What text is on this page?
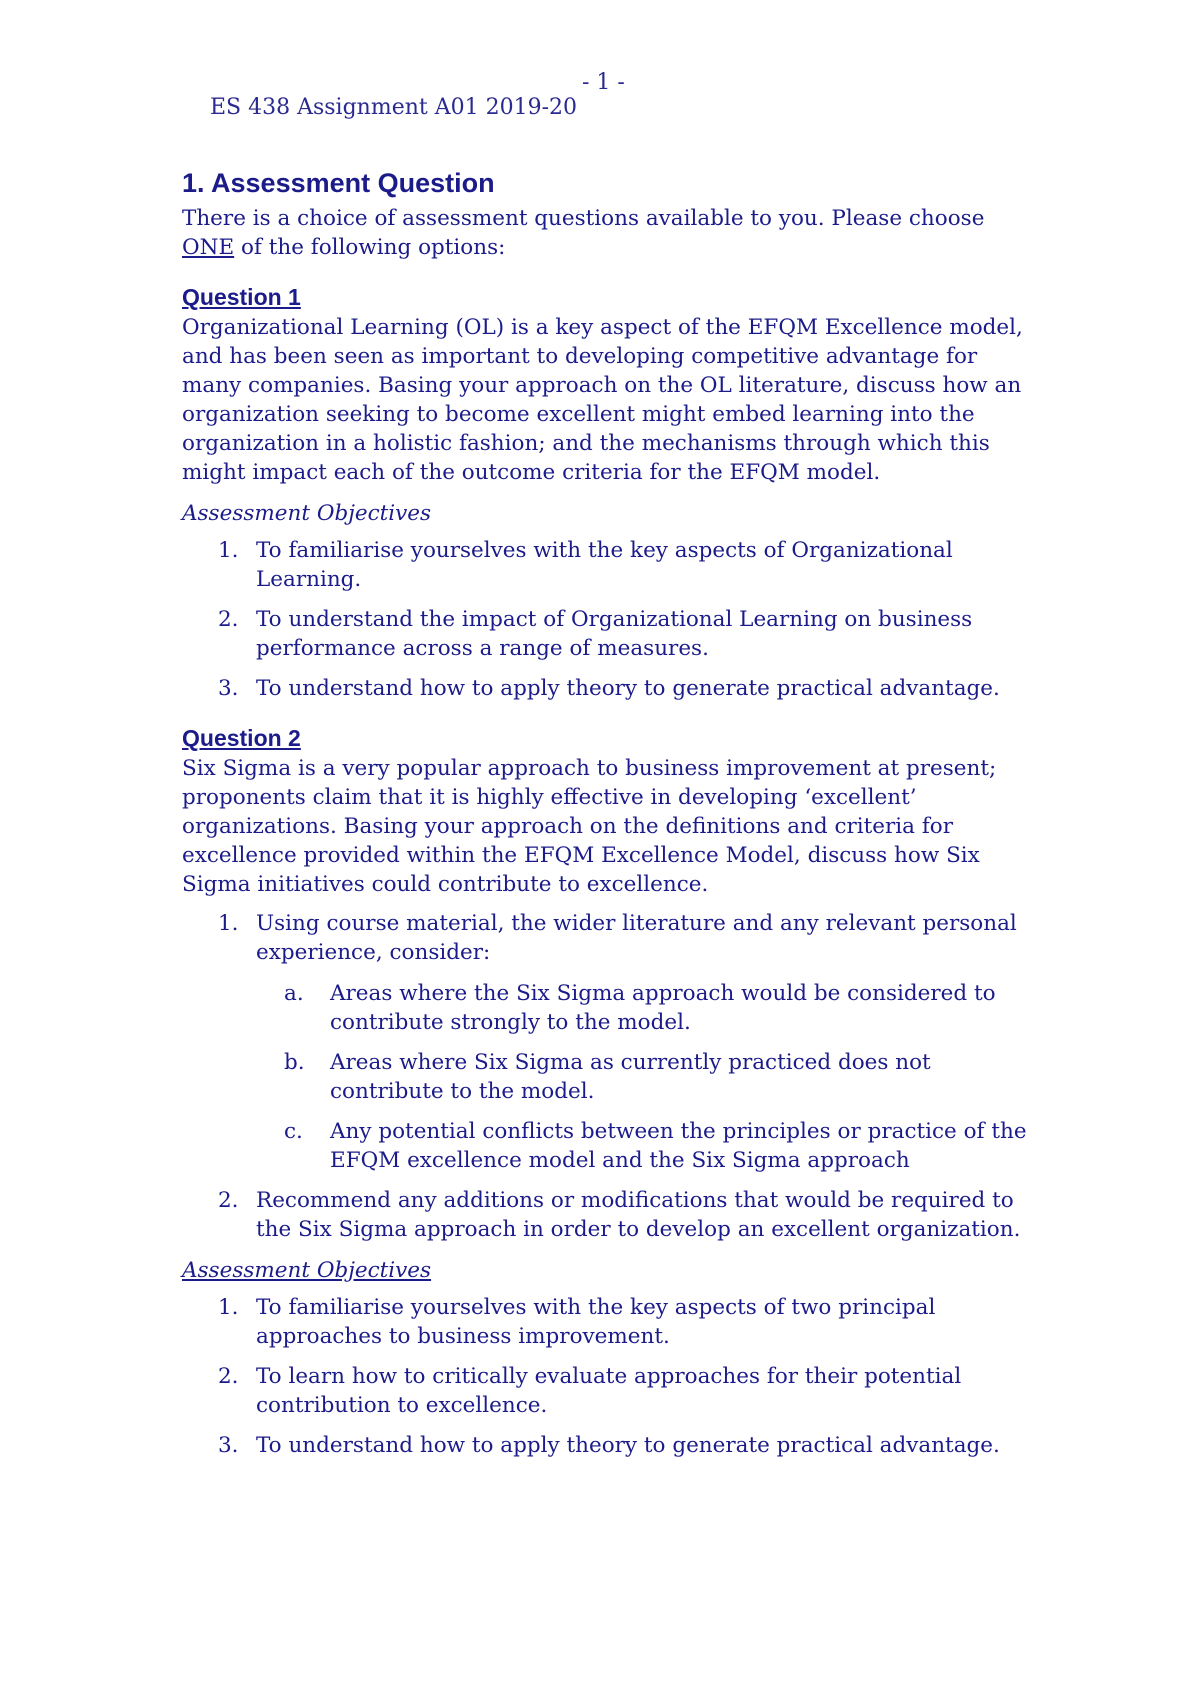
ES 438 Assignment A01 2019-20

- 1 -

1. Assessment Question

There is a choice of assessment questions available to you. Please choose ONE of the following options:

Question 1

Organizational Learning (OL) is a key aspect of the EFQM Excellence model, and has been seen as important to developing competitive advantage for many companies. Basing your approach on the OL literature, discuss how an organization seeking to become excellent might embed learning into the organization in a holistic fashion; and the mechanisms through which this might impact each of the outcome criteria for the EFQM model.

Assessment Objectives
1. To familiarise yourselves with the key aspects of Organizational Learning.
2. To understand the impact of Organizational Learning on business performance across a range of measures.
3. To understand how to apply theory to generate practical advantage.
Question 2

Six Sigma is a very popular approach to business improvement at present; proponents claim that it is highly effective in developing ‘excellent’ organizations. Basing your approach on the definitions and criteria for excellence provided within the EFQM Excellence Model, discuss how Six Sigma initiatives could contribute to excellence.

1. Using course material, the wider literature and any relevant personal experience, consider:
a. Areas where the Six Sigma approach would be considered to contribute strongly to the model.
b. Areas where Six Sigma as currently practiced does not contribute to the model.
c. Any potential conflicts between the principles or practice of the EFQM excellence model and the Six Sigma approach
2. Recommend any additions or modifications that would be required to the Six Sigma approach in order to develop an excellent organization.
Assessment Objectives
1. To familiarise yourselves with the key aspects of two principal approaches to business improvement.
2. To learn how to critically evaluate approaches for their potential contribution to excellence.
3. To understand how to apply theory to generate practical advantage.
